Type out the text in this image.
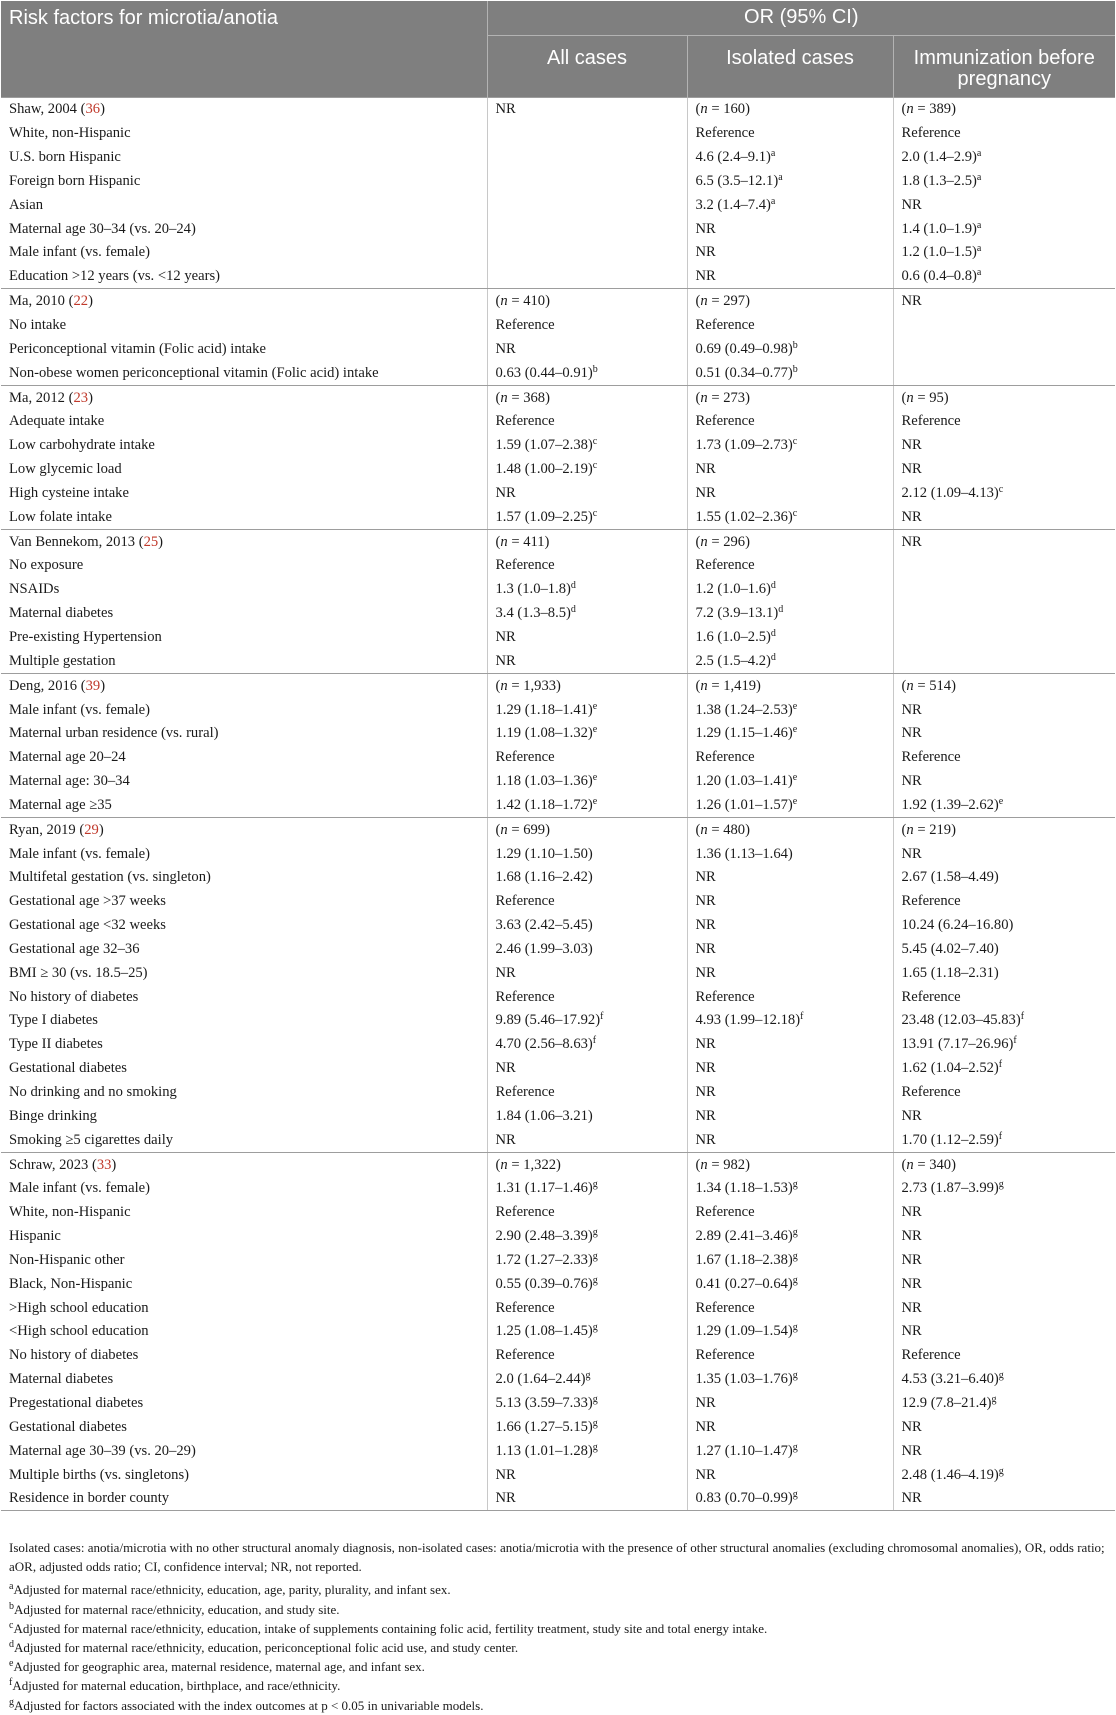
Risk factors for microtia/anotia	OR (95% CI)		
	All cases	Isolated cases	Immunization before pregnancy
Shaw, 2004 (36)	NR	(n = 160)	(n = 389)
White, non-Hispanic		Reference	Reference
U.S. born Hispanic		4.6 $(2.4-9.1)^a$	2.0 $(1.4-2.9)^a$
Foreign born Hispanic		6.5 $(3.5-12.1)^a$	1.8 $(1.3-2.5)^a$
Asian		3.2 $(1.4-7.4)^a$	NR
Maternal age 30–34 (vs. 20–24)		NR	1.4 $(1.0-1.9)^a$
Male infant (vs. female)		NR	1.2 $(1.0-1.5)^a$
Education >12 years (vs. <12 years)		NR	0.6 $(0.4-0.8)^a$
Ma, 2010 (22)	(n = 410)	(n = 297)	NR
No intake	Reference	Reference	
Periconceptional vitamin (Folic acid) intake	NR	0.69 $(0.49-0.98)^b$	
Non-obese women periconceptional vitamin (Folic acid) intake	0.63 $(0.44-0.91)^b$	0.51 $(0.34-0.77)^b$	
Ma, 2012 (23)	(n = 368)	(n = 273)	(n = 95)
Adequate intake	Reference	Reference	Reference
Low carbohydrate intake	1.59 $(1.07-2.38)^c$	1.73 $(1.09-2.73)^c$	NR
Low glycemic load	1.48 $(1.00-2.19)^c$	NR	NR
High cysteine intake	NR	NR	2.12 $(1.09-4.13)^c$
Low folate intake	1.57 $(1.09-2.25)^c$	1.55 $(1.02-2.36)^c$	NR
Van Bennekom, 2013 (25)	(n = 411)	(n = 296)	NR
No exposure	Reference	Reference	
NSAIDs	1.3 $(1.0-1.8)^d$	1.2 $(1.0-1.6)^d$	
Maternal diabetes	3.4 $(1.3-8.5)^d$	7.2 $(3.9-13.1)^d$	
Pre-existing Hypertension	NR	1.6 $(1.0-2.5)^d$	
Multiple gestation	NR	2.5 $(1.5-4.2)^d$	
Deng, 2016 (39)	(n = 1,933)	(n = 1,419)	(n = 514)
Male infant (vs. female)	1.29 $(1.18-1.41)^e$	1.38 $(1.24-2.53)^e$	NR
Maternal urban residence (vs. rural)	1.19 $(1.08-1.32)^e$	1.29 $(1.15-1.46)^e$	NR
Maternal age 20–24	Reference	Reference	Reference
Maternal age: 30–34	1.18 $(1.03-1.36)^e$	1.20 $(1.03-1.41)^e$	NR
Maternal age ≥35	1.42 $(1.18-1.72)^e$	1.26 $(1.01-1.57)^e$	1.92 $(1.39-2.62)^e$
Ryan, 2019 (29)	(n = 699)	(n = 480)	(n = 219)
Male infant (vs. female)	1.29 (1.10–1.50)	1.36 (1.13–1.64)	NR
Multifetal gestation (vs. singleton)	1.68 (1.16–2.42)	NR	2.67 (1.58–4.49)
Gestational age >37 weeks	Reference	NR	Reference
Gestational age <32 weeks	3.63 (2.42–5.45)	NR	10.24 (6.24–16.80)
Gestational age 32–36	2.46 (1.99–3.03)	NR	5.45 (4.02–7.40)
BMI ≥ 30 (vs. 18.5–25)	NR	NR	1.65 (1.18–2.31)
No history of diabetes	Reference	Reference	Reference
Type I diabetes	9.89 $(5.46-17.92)^f$	4.93 $(1.99-12.18)^f$	23.48 $(12.03-45.83)^f$
Type II diabetes	4.70 $(2.56-8.63)^f$	NR	13.91 $(7.17-26.96)^f$
Gestational diabetes	NR	NR	1.62 $(1.04-2.52)^f$
No drinking and no smoking	Reference	NR	Reference
Binge drinking	1.84 (1.06–3.21)	NR	NR
Smoking ≥5 cigarettes daily	NR	NR	1.70 $(1.12-2.59)^f$
Schraw, 2023 (33)	(n = 1,322)	(n = 982)	(n = 340)
Male infant (vs. female)	1.31 $(1.17-1.46)^g$	1.34 $(1.18-1.53)^g$	2.73 $(1.87-3.99)^g$
White, non-Hispanic	Reference	Reference	NR
Hispanic	2.90 $(2.48-3.39)^g$	2.89 $(2.41-3.46)^g$	NR
Non-Hispanic other	1.72 $(1.27-2.33)^g$	1.67 $(1.18-2.38)^g$	NR
Black, Non-Hispanic	0.55 $(0.39-0.76)^g$	0.41 $(0.27-0.64)^g$	NR
>High school education	Reference	Reference	NR
<High school education	1.25 $(1.08-1.45)^g$	1.29 $(1.09-1.54)^g$	NR
No history of diabetes	Reference	Reference	Reference
Maternal diabetes	2.0 $(1.64-2.44)^g$	1.35 $(1.03-1.76)^g$	4.53 $(3.21-6.40)^g$
Pregestational diabetes	5.13 $(3.59-7.33)^g$	NR	12.9 $(7.8-21.4)^g$
Gestational diabetes	1.66 $(1.27-5.15)^g$	NR	NR
Maternal age 30–39 (vs. 20–29)	1.13 $(1.01-1.28)^g$	1.27 $(1.10-1.47)^g$	NR
Multiple births (vs. singletons)	NR	NR	2.48 $(1.46-4.19)^g$
Residence in border county	NR	0.83 $(0.70-0.99)^g$	NR

Isolated cases: anotia/microtia with no other structural anomaly diagnosis, non-isolated cases: anotia/microtia with the presence of other structural anomalies (excluding chromosomal anomalies), OR, odds ratio; aOR, adjusted odds ratio; CI, confidence interval; NR, not reported.

$^a$Adjusted for maternal race/ethnicity, education, age, parity, plurality, and infant sex.

$^b$Adjusted for maternal race/ethnicity, education, and study site.

$^c$Adjusted for maternal race/ethnicity, education, intake of supplements containing folic acid, fertility treatment, study site and total energy intake.

$^d$Adjusted for maternal race/ethnicity, education, periconceptional folic acid use, and study center.

$^e$Adjusted for geographic area, maternal residence, maternal age, and infant sex.

$^f$Adjusted for maternal education, birthplace, and race/ethnicity.

$^g$Adjusted for factors associated with the index outcomes at p < 0.05 in univariable models.
